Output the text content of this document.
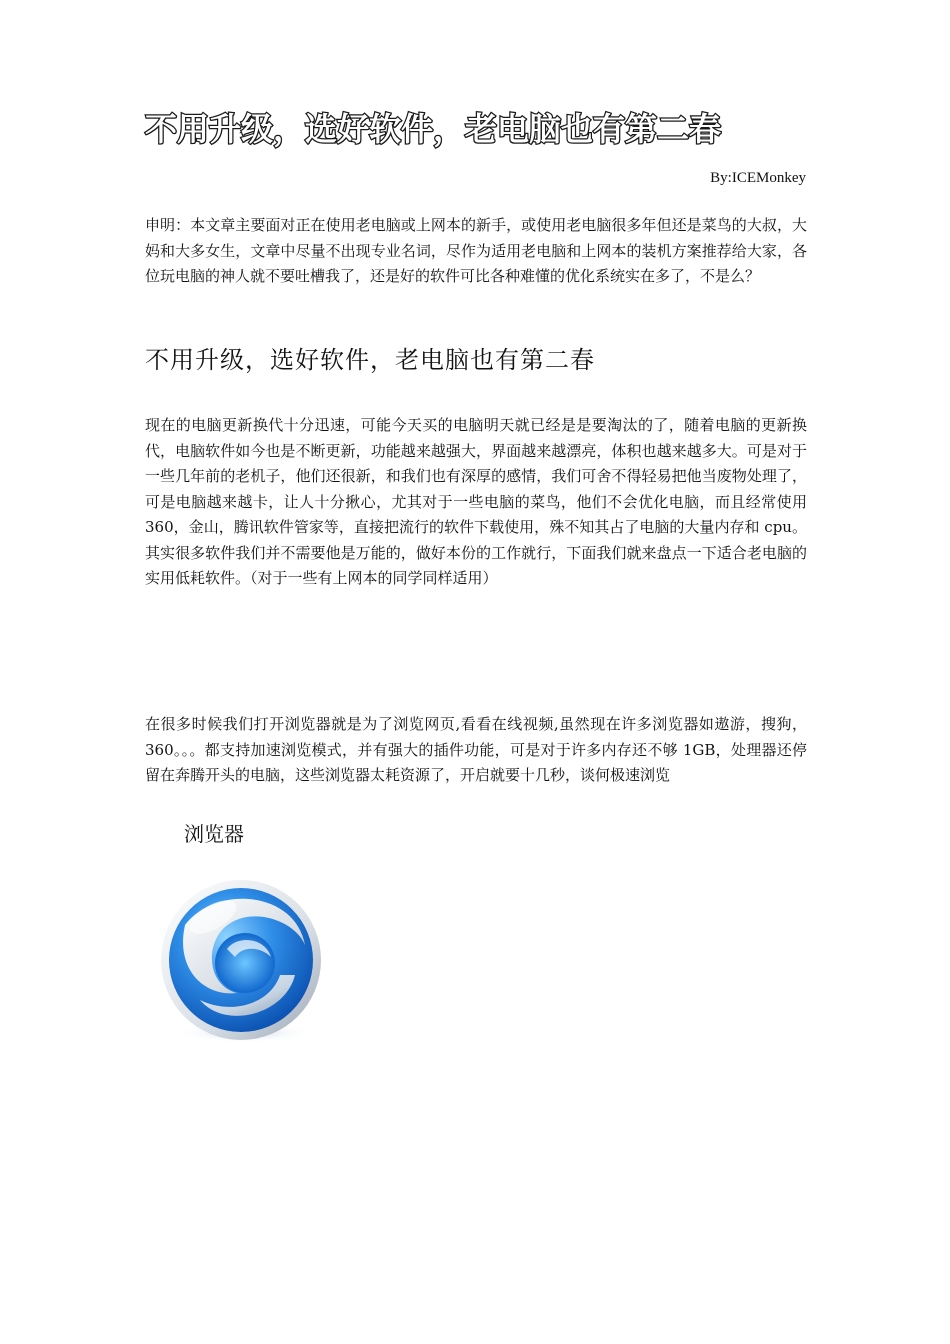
不用升级，选好软件，老电脑也有第二春
By:ICEMonkey
申明：本文章主要面对正在使用老电脑或上网本的新手，或使用老电脑很多年但还是菜鸟的大叔，大妈和大多女生，文章中尽量不出现专业名词，尽作为适用老电脑和上网本的装机方案推荐给大家，各位玩电脑的神人就不要吐槽我了，还是好的软件可比各种难懂的优化系统实在多了，不是么？
不用升级，选好软件，老电脑也有第二春
现在的电脑更新换代十分迅速，可能今天买的电脑明天就已经是是要淘汰的了，随着电脑的更新换代，电脑软件如今也是不断更新，功能越来越强大，界面越来越漂亮，体积也越来越多大。可是对于一些几年前的老机子，他们还很新，和我们也有深厚的感情，我们可舍不得轻易把他当废物处理了，可是电脑越来越卡，让人十分揪心，尤其对于一些电脑的菜鸟，他们不会优化电脑，而且经常使用 360，金山，腾讯软件管家等，直接把流行的软件下载使用，殊不知其占了电脑的大量内存和 cpu。其实很多软件我们并不需要他是万能的，做好本份的工作就行，下面我们就来盘点一下适合老电脑的实用低耗软件。（对于一些有上网本的同学同样适用）
在很多时候我们打开浏览器就是为了浏览网页,看看在线视频,虽然现在许多浏览器如遨游，搜狗，360。。。都支持加速浏览模式，并有强大的插件功能，可是对于许多内存还不够 1GB，处理器还停留在奔腾开头的电脑，这些浏览器太耗资源了，开启就要十几秒，谈何极速浏览
浏览器
